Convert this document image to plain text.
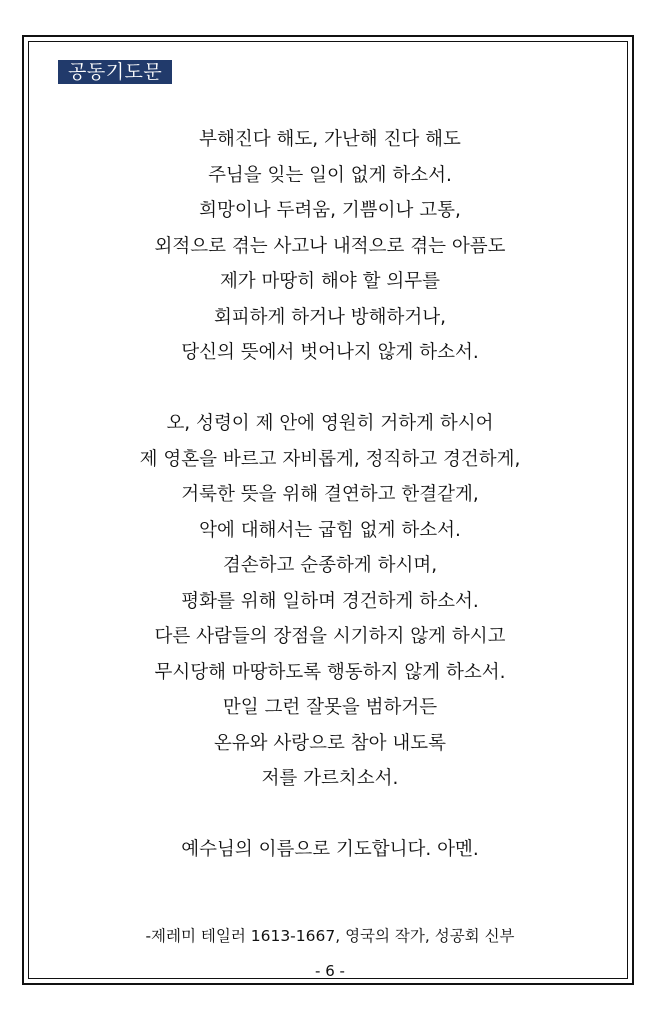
공동기도문
부해진다 해도, 가난해 진다 해도
주님을 잊는 일이 없게 하소서.
희망이나 두려움, 기쁨이나 고통,
외적으로 겪는 사고나 내적으로 겪는 아픔도
제가 마땅히 해야 할 의무를
회피하게 하거나 방해하거나,
당신의 뜻에서 벗어나지 않게 하소서.
오, 성령이 제 안에 영원히 거하게 하시어
제 영혼을 바르고 자비롭게, 정직하고 경건하게,
거룩한 뜻을 위해 결연하고 한결같게,
악에 대해서는 굽힘 없게 하소서.
겸손하고 순종하게 하시며,
평화를 위해 일하며 경건하게 하소서.
다른 사람들의 장점을 시기하지 않게 하시고
무시당해 마땅하도록 행동하지 않게 하소서.
만일 그런 잘못을 범하거든
온유와 사랑으로 참아 내도록
저를 가르치소서.
예수님의 이름으로 기도합니다. 아멘.
-제레미 테일러 1613-1667, 영국의 작가, 성공회 신부
- 6 -
